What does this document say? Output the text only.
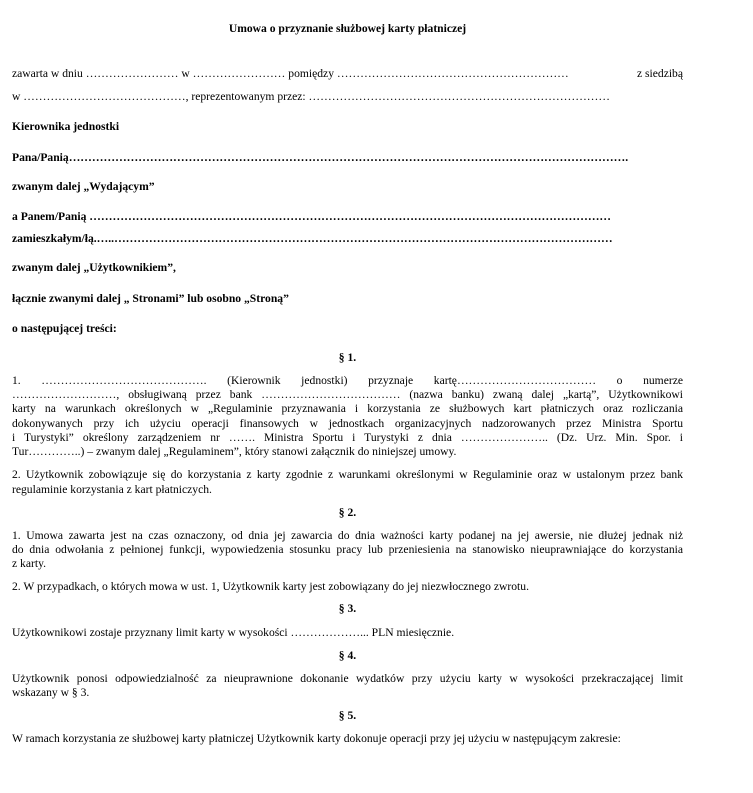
Umowa o przyznanie służbowej karty płatniczej
zawarta w dniu …………………… w …………………… pomiędzy ……………………………………………………	z siedzibą
w ……………………………………, reprezentowanym przez: ……………………………………………………………………
Kierownika jednostki
Pana/Panią……………………………………………………………………………………………………………………………….
zwanym dalej „Wydającym”
a Panem/Panią ………………………………………………………………………………………………………………………
zamieszkałym/łą.…..…………………………………………………………………………………………………………………
zwanym dalej „Użytkownikiem”,
łącznie zwanymi dalej „ Stronami” lub osobno „Stroną”
o następującej treści:
§ 1.
1. ……………………………………. (Kierownik jednostki) przyznaje kartę……………………………… o numerze
………………………, obsługiwaną przez bank ……………………………… (nazwa banku) zwaną dalej „kartą”, Użytkownikowi
karty na warunkach określonych w „Regulaminie przyznawania i korzystania ze służbowych kart płatniczych oraz rozliczania
dokonywanych przy ich użyciu operacji finansowych w jednostkach organizacyjnych nadzorowanych przez Ministra Sportu
i Turystyki” określony zarządzeniem nr ……. Ministra Sportu i Turystyki z dnia ………………….. (Dz. Urz. Min. Spor. i
Tur…………..) – zwanym dalej „Regulaminem”, który stanowi załącznik do niniejszej umowy.
2. Użytkownik zobowiązuje się do korzystania z karty zgodnie z warunkami określonymi w Regulaminie oraz w ustalonym przez bank
regulaminie korzystania z kart płatniczych.
§ 2.
1. Umowa zawarta jest na czas oznaczony, od dnia jej zawarcia do dnia ważności karty podanej na jej awersie, nie dłużej jednak niż
do dnia odwołania z pełnionej funkcji, wypowiedzenia stosunku pracy lub przeniesienia na stanowisko nieuprawniające do korzystania
z karty.
2. W przypadkach, o których mowa w ust. 1, Użytkownik karty jest zobowiązany do jej niezwłocznego zwrotu.
§ 3.
Użytkownikowi zostaje przyznany limit karty w wysokości ………………... PLN miesięcznie.
§ 4.
Użytkownik ponosi odpowiedzialność za nieuprawnione dokonanie wydatków przy użyciu karty w wysokości przekraczającej limit
wskazany w § 3.
§ 5.
W ramach korzystania ze służbowej karty płatniczej Użytkownik karty dokonuje operacji przy jej użyciu w następującym zakresie:
